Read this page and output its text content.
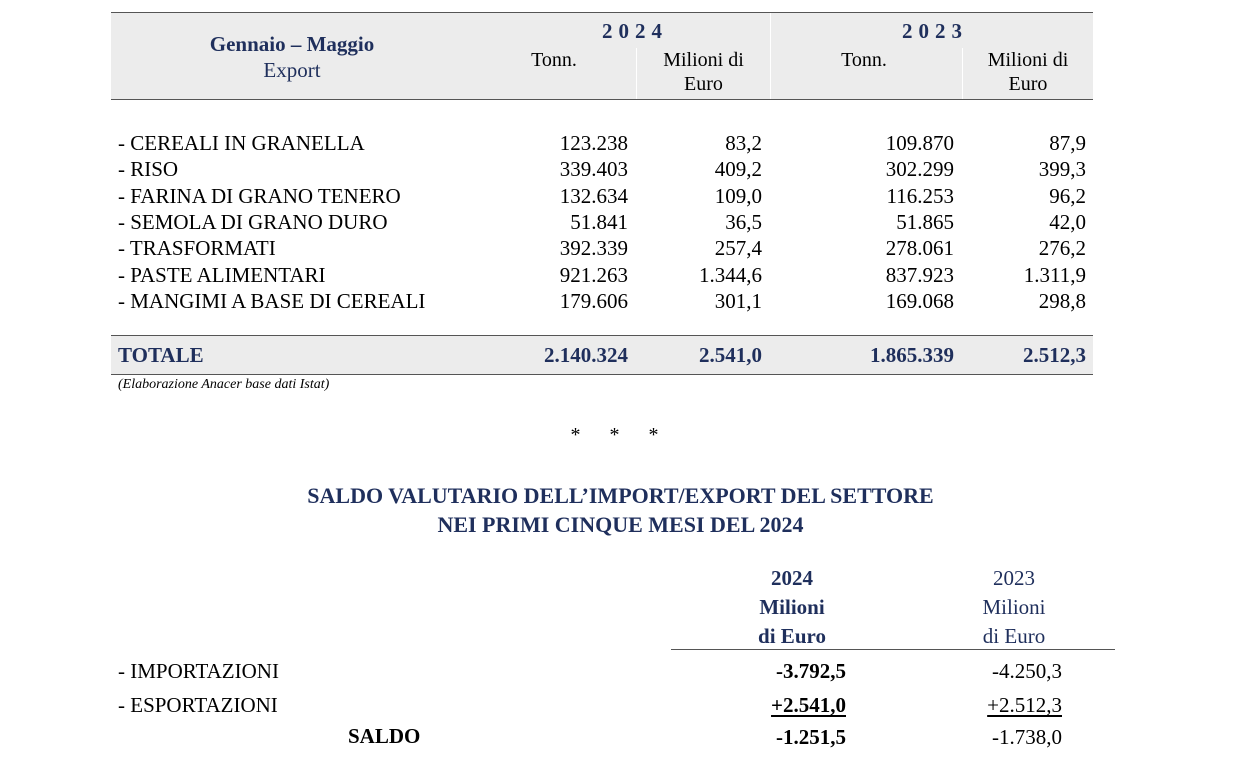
Gennaio – Maggio
Export
2024	2023
Tonn.	Milioni di
Euro
Tonn.	Milioni di
Euro
- CEREALI IN GRANELLA	123.238	83,2	109.870	87,9
- RISO	339.403	409,2	302.299	399,3
- FARINA DI GRANO TENERO	132.634	109,0	116.253	96,2
- SEMOLA DI GRANO DURO	51.841	36,5	51.865	42,0
- TRASFORMATI	392.339	257,4	278.061	276,2
- PASTE ALIMENTARI	921.263	1.344,6	837.923	1.311,9
- MANGIMI A BASE DI CEREALI	179.606	301,1	169.068	298,8
TOTALE	2.140.324	2.541,0	1.865.339	2.512,3
(Elaborazione Anacer base dati Istat)
* * *
SALDO VALUTARIO DELL’IMPORT/EXPORT DEL SETTORE
NEI PRIMI CINQUE MESI DEL 2024
2024
Milioni
di Euro
2023
Milioni
di Euro
- IMPORTAZIONI	-3.792,5	-4.250,3
- ESPORTAZIONI	+2.541,0	+2.512,3
SALDO	-1.251,5	-1.738,0
